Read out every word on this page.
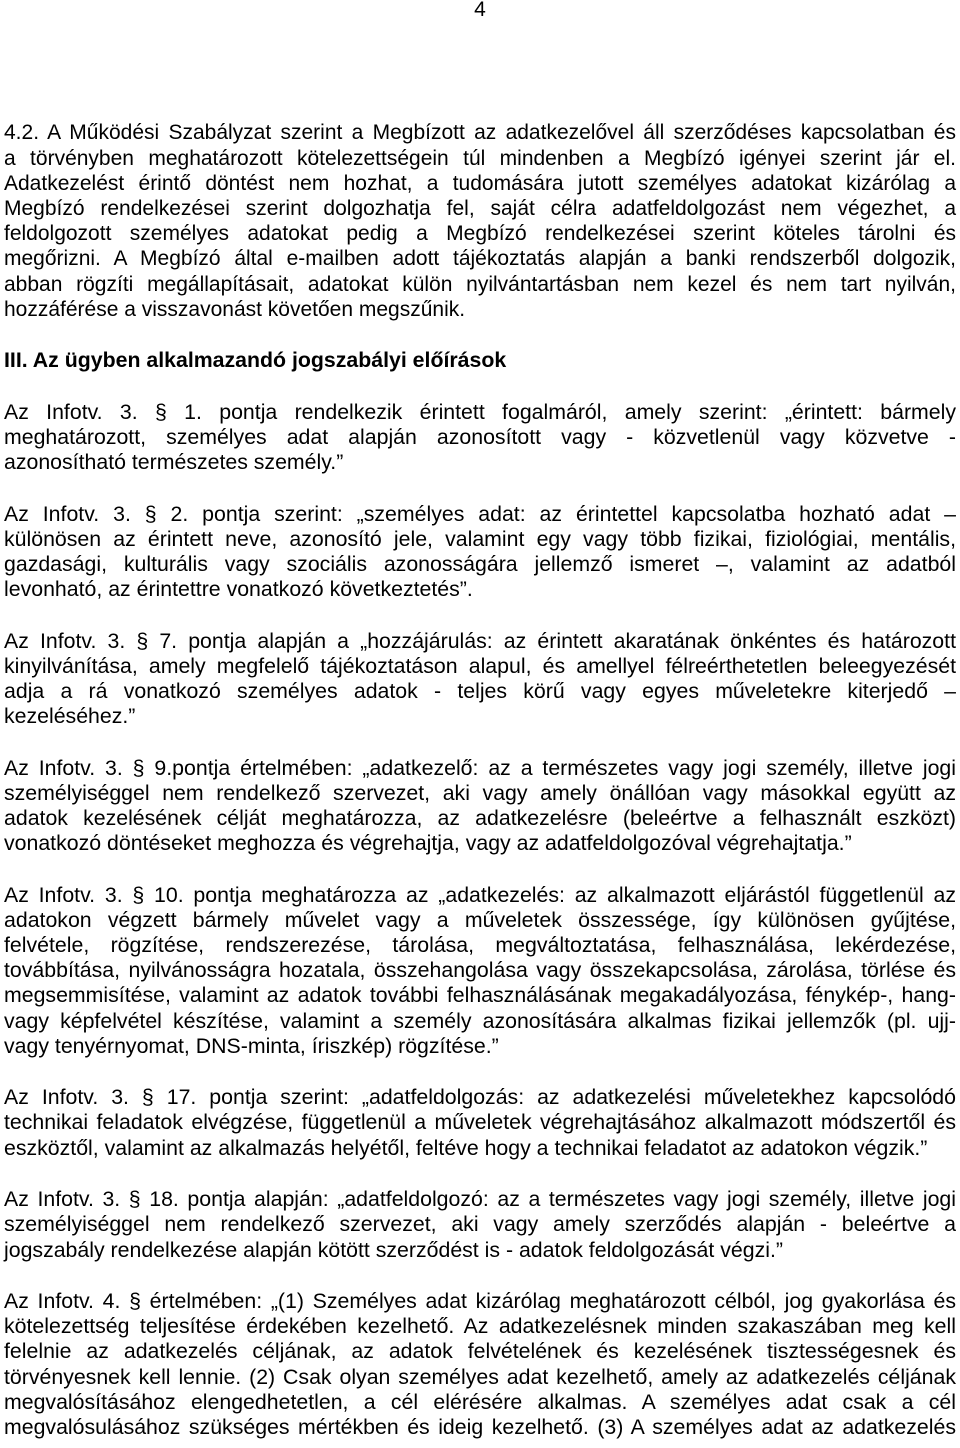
4
4.2. A Működési Szabályzat szerint a Megbízott az adatkezelővel áll szerződéses kapcsolatban és
a törvényben meghatározott kötelezettségein túl mindenben a Megbízó igényei szerint jár el.
Adatkezelést érintő döntést nem hozhat, a tudomására jutott személyes adatokat kizárólag a
Megbízó rendelkezései szerint dolgozhatja fel, saját célra adatfeldolgozást nem végezhet, a
feldolgozott személyes adatokat pedig a Megbízó rendelkezései szerint köteles tárolni és
megőrizni. A Megbízó által e-mailben adott tájékoztatás alapján a banki rendszerből dolgozik,
abban rögzíti megállapításait, adatokat külön nyilvántartásban nem kezel és nem tart nyilván,
hozzáférése a visszavonást követően megszűnik.
III. Az ügyben alkalmazandó jogszabályi előírások
Az Infotv. 3. § 1. pontja rendelkezik érintett fogalmáról, amely szerint: „érintett: bármely
meghatározott, személyes adat alapján azonosított vagy - közvetlenül vagy közvetve -
azonosítható természetes személy.”
Az Infotv. 3. § 2. pontja szerint: „személyes adat: az érintettel kapcsolatba hozható adat –
különösen az érintett neve, azonosító jele, valamint egy vagy több fizikai, fiziológiai, mentális,
gazdasági, kulturális vagy szociális azonosságára jellemző ismeret –, valamint az adatból
levonható, az érintettre vonatkozó következtetés”.
Az Infotv. 3. § 7. pontja alapján a „hozzájárulás: az érintett akaratának önkéntes és határozott
kinyilvánítása, amely megfelelő tájékoztatáson alapul, és amellyel félreérthetetlen beleegyezését
adja a rá vonatkozó személyes adatok - teljes körű vagy egyes műveletekre kiterjedő –
kezeléséhez.”
Az Infotv. 3. § 9.pontja értelmében: „adatkezelő: az a természetes vagy jogi személy, illetve jogi
személyiséggel nem rendelkező szervezet, aki vagy amely önállóan vagy másokkal együtt az
adatok kezelésének célját meghatározza, az adatkezelésre (beleértve a felhasznált eszközt)
vonatkozó döntéseket meghozza és végrehajtja, vagy az adatfeldolgozóval végrehajtatja.”
Az Infotv. 3. § 10. pontja meghatározza az „adatkezelés: az alkalmazott eljárástól függetlenül az
adatokon végzett bármely művelet vagy a műveletek összessége, így különösen gyűjtése,
felvétele, rögzítése, rendszerezése, tárolása, megváltoztatása, felhasználása, lekérdezése,
továbbítása, nyilvánosságra hozatala, összehangolása vagy összekapcsolása, zárolása, törlése és
megsemmisítése, valamint az adatok további felhasználásának megakadályozása, fénykép-, hang-
vagy képfelvétel készítése, valamint a személy azonosítására alkalmas fizikai jellemzők (pl. ujj-
vagy tenyérnyomat, DNS-minta, íriszkép) rögzítése.”
Az Infotv. 3. § 17. pontja szerint: „adatfeldolgozás: az adatkezelési műveletekhez kapcsolódó
technikai feladatok elvégzése, függetlenül a műveletek végrehajtásához alkalmazott módszertől és
eszköztől, valamint az alkalmazás helyétől, feltéve hogy a technikai feladatot az adatokon végzik.”
Az Infotv. 3. § 18. pontja alapján: „adatfeldolgozó: az a természetes vagy jogi személy, illetve jogi
személyiséggel nem rendelkező szervezet, aki vagy amely szerződés alapján - beleértve a
jogszabály rendelkezése alapján kötött szerződést is - adatok feldolgozását végzi.”
Az Infotv. 4. § értelmében: „(1) Személyes adat kizárólag meghatározott célból, jog gyakorlása és
kötelezettség teljesítése érdekében kezelhető. Az adatkezelésnek minden szakaszában meg kell
felelnie az adatkezelés céljának, az adatok felvételének és kezelésének tisztességesnek és
törvényesnek kell lennie. (2) Csak olyan személyes adat kezelhető, amely az adatkezelés céljának
megvalósításához elengedhetetlen, a cél elérésére alkalmas. A személyes adat csak a cél
megvalósulásához szükséges mértékben és ideig kezelhető. (3) A személyes adat az adatkezelés
